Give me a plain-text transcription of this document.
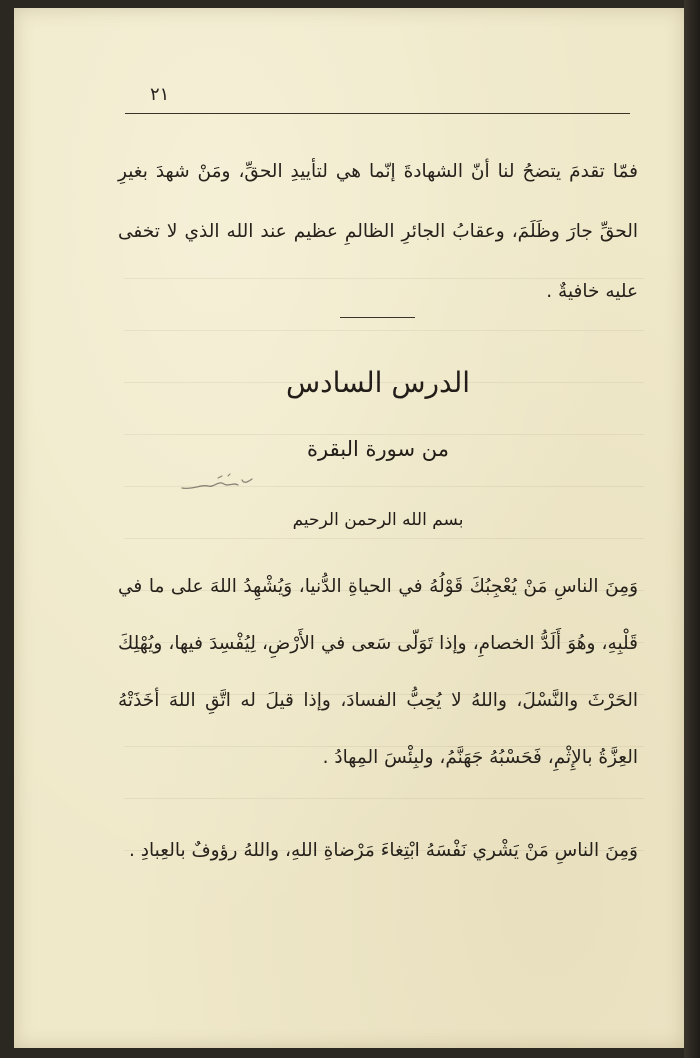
٢١
فمّا تقدمَ يتضحُ لنا أنّ الشهادةَ إنّما هي لتأييدِ الحقِّ، ومَنْ شهدَ بغيرِ الحقِّ جارَ وظَلَمَ، وعقابُ الجائرِ الظالمِ عظيم عند الله الذي لا تخفى عليه خافيةٌ .
الدرس السادس
من سورة البقرة
بسم الله الرحمن الرحيم
وَمِنَ الناسِ مَنْ يُعْجِبُكَ قَوْلُهُ في الحياةِ الدُّنيا، وَيُشْهِدُ اللهَ على ما في قَلْبِهِ، وهُوَ أَلَدُّ الخصامِ، وإذا تَوَلّى سَعى في الأَرْضِ، لِيُفْسِدَ فيها، ويُهْلِكَ الحَرْثَ والنَّسْلَ، واللهُ لا يُحِبُّ الفسادَ، وإذا قيلَ له اتَّقِ اللهَ أخَذَتْهُ العِزَّةُ بالإِثْمِ، فَحَسْبُهُ جَهَنَّمُ، ولبِئْسَ المِهادُ .
وَمِنَ الناسِ مَنْ يَشْري نَفْسَهُ ابْتِغاءَ مَرْضاةِ اللهِ، واللهُ رؤوفٌ بالعِبادِ .
